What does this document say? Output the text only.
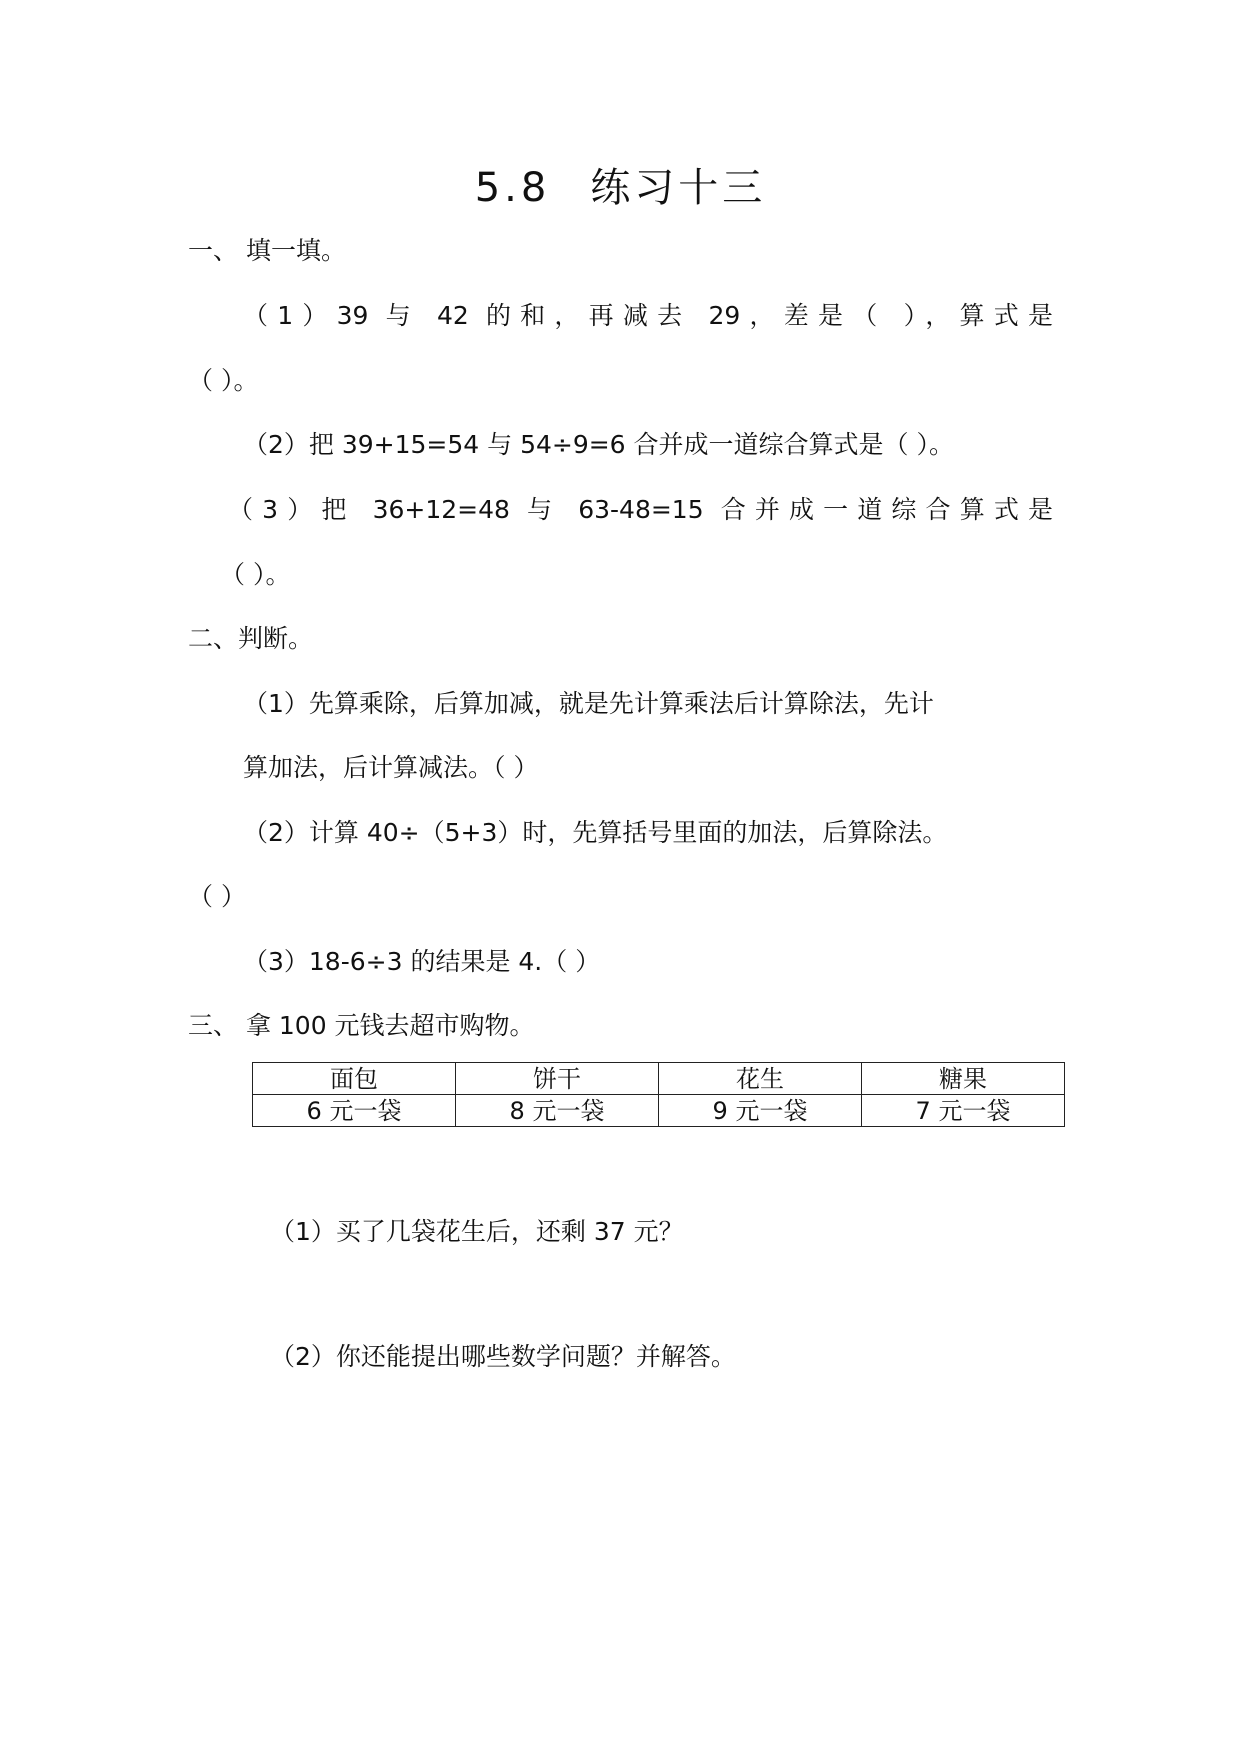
5.8 练习十三
一、 填一填。
（1）39 与 42 的和，再减去 29，差是（ ），算式是
（ ）。
（2）把 39+15=54 与 54÷9=6 合并成一道综合算式是（ ）。
（3）把 36+12=48 与 63-48=15 合并成一道综合算式是
（ ）。
二、判断。
（1）先算乘除，后算加减，就是先计算乘法后计算除法，先计
算加法，后计算减法。（ ）
（2）计算 40÷（5+3）时，先算括号里面的加法，后算除法。
（ ）
（3）18-6÷3 的结果是 4.（ ）
三、 拿 100 元钱去超市购物。
面包	饼干	花生	糖果
6 元一袋	8 元一袋	9 元一袋	7 元一袋
（1）买了几袋花生后，还剩 37 元？
（2）你还能提出哪些数学问题？并解答。
